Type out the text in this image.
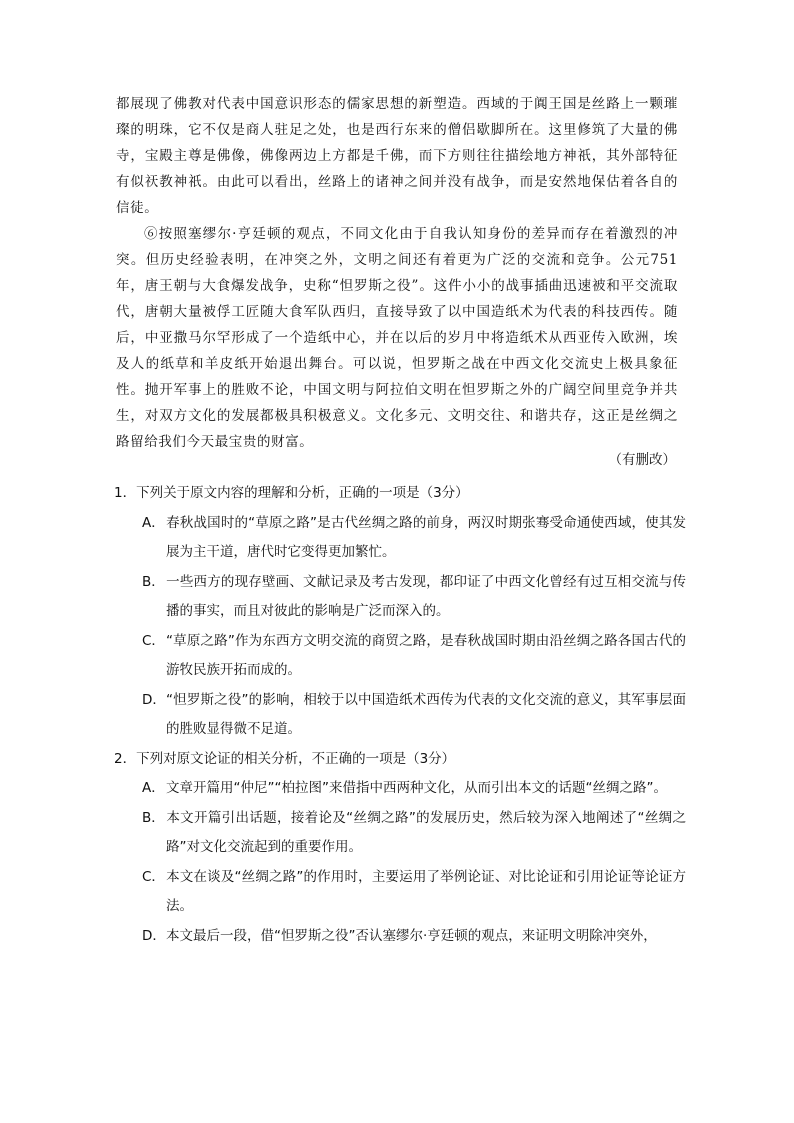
都展现了佛教对代表中国意识形态的儒家思想的新塑造。西域的于阗王国是丝路上一颗璀璨的明珠，它不仅是商人驻足之处，也是西行东来的僧侣歇脚所在。这里修筑了大量的佛寺，宝殿主尊是佛像，佛像两边上方都是千佛，而下方则往往描绘地方神祇，其外部特征有似祆教神祇。由此可以看出，丝路上的诸神之间并没有战争，而是安然地保估着各自的信徒。

⑥按照塞缪尔·亨廷顿的观点，不同文化由于自我认知身份的差异而存在着激烈的冲突。但历史经验表明，在冲突之外，文明之间还有着更为广泛的交流和竞争。公元751年，唐王朝与大食爆发战争，史称“怛罗斯之役”。这件小小的战事插曲迅速被和平交流取代，唐朝大量被俘工匠随大食军队西归，直接导致了以中国造纸术为代表的科技西传。随后，中亚撒马尔罕形成了一个造纸中心，并在以后的岁月中将造纸术从西亚传入欧洲，埃及人的纸草和羊皮纸开始退出舞台。可以说，怛罗斯之战在中西文化交流史上极具象征性。抛开军事上的胜败不论，中国文明与阿拉伯文明在怛罗斯之外的广阔空间里竞争并共生，对双方文化的发展都极具积极意义。文化多元、文明交往、和谐共存，这正是丝绸之路留给我们今天最宝贵的财富。

（有删改）

1．下列关于原文内容的理解和分析，正确的一项是（3分）

A．春秋战国时的“草原之路”是古代丝绸之路的前身，两汉时期张骞受命通使西域，使其发展为主干道，唐代时它变得更加繁忙。

B．一些西方的现存壁画、文献记录及考古发现，都印证了中西文化曾经有过互相交流与传播的事实，而且对彼此的影响是广泛而深入的。

C．“草原之路”作为东西方文明交流的商贸之路，是春秋战国时期由沿丝绸之路各国古代的游牧民族开拓而成的。

D．“怛罗斯之役”的影响，相较于以中国造纸术西传为代表的文化交流的意义，其军事层面的胜败显得微不足道。

2．下列对原文论证的相关分析，不正确的一项是（3分）

A．文章开篇用“仲尼”“柏拉图”来借指中西两种文化，从而引出本文的话题“丝绸之路”。

B．本文开篇引出话题，接着论及“丝绸之路”的发展历史，然后较为深入地阐述了“丝绸之路”对文化交流起到的重要作用。

C．本文在谈及“丝绸之路”的作用时，主要运用了举例论证、对比论证和引用论证等论证方法。

D．本文最后一段，借“怛罗斯之役”否认塞缪尔·亨廷顿的观点，来证明文明除冲突外，
